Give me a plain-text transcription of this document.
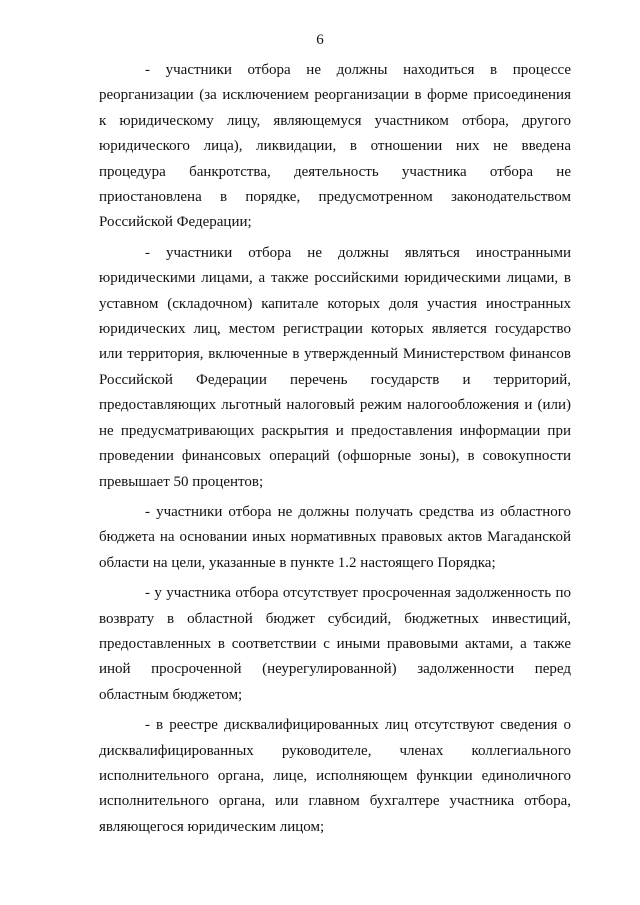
6

- участники отбора не должны находиться в процессе реорганизации (за исключением реорганизации в форме присоединения к юридическому лицу, являющемуся участником отбора, другого юридического лица), ликвидации, в отношении них не введена процедура банкротства, деятельность участника отбора не приостановлена в порядке, предусмотренном законодательством Российской Федерации;

- участники отбора не должны являться иностранными юридическими лицами, а также российскими юридическими лицами, в уставном (складочном) капитале которых доля участия иностранных юридических лиц, местом регистрации которых является государство или территория, включенные в утвержденный Министерством финансов Российской Федерации перечень государств и территорий, предоставляющих льготный налоговый режим налогообложения и (или) не предусматривающих раскрытия и предоставления информации при проведении финансовых операций (офшорные зоны), в совокупности превышает 50 процентов;

- участники отбора не должны получать средства из областного бюджета на основании иных нормативных правовых актов Магаданской области на цели, указанные в пункте 1.2 настоящего Порядка;

- у участника отбора отсутствует просроченная задолженность по возврату в областной бюджет субсидий, бюджетных инвестиций, предоставленных в соответствии с иными правовыми актами, а также иной просроченной (неурегулированной) задолженности перед областным бюджетом;

- в реестре дисквалифицированных лиц отсутствуют сведения о дисквалифицированных руководителе, членах коллегиального исполнительного органа, лице, исполняющем функции единоличного исполнительного органа, или главном бухгалтере участника отбора, являющегося юридическим лицом;
